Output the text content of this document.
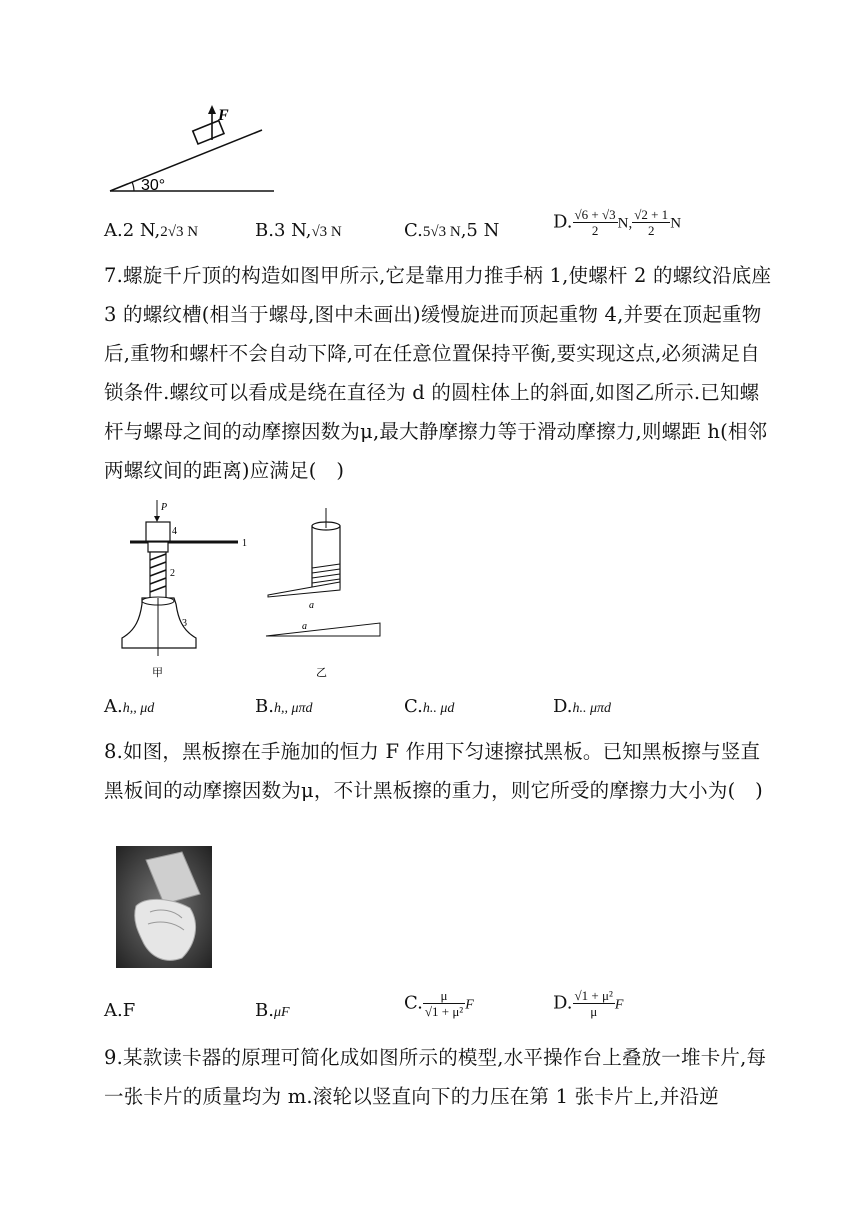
F
30°
A.2 N,2√3 N	B.3 N,√3 N	C.5√3 N,5 N	D. $\frac{√6 + √3}{2} N$, $\frac{√2 + 1}{2}$ N
7.螺旋千斤顶的构造如图甲所示,它是靠用力推手柄 1,使螺杆 2 的螺纹沿底座 3 的螺纹槽(相当于螺母,图中未画出)缓慢旋进而顶起重物 4,并要在顶起重物后,重物和螺杆不会自动下降,可在任意位置保持平衡,要实现这点,必须满足自锁条件.螺纹可以看成是绕在直径为 d 的圆柱体上的斜面,如图乙所示.已知螺杆与螺母之间的动摩擦因数为μ,最大静摩擦力等于滑动摩擦力,则螺距 h(相邻两螺纹间的距离)应满足(　)
P
4
1
2
3
a
a
甲	乙
A.h,, μd	B.h,, μπd	C.h.. μd	D.h.. μπd
8.如图，黑板擦在手施加的恒力 F 作用下匀速擦拭黑板。已知黑板擦与竖直黑板间的动摩擦因数为μ，不计黑板擦的重力，则它所受的摩擦力大小为(　)
A.F	B.μF	C. $\frac{\mu}{\text{√1 + μ²}}$ F	D. $\frac{\text{√1 + μ²}}{\mu}$ F
9.某款读卡器的原理可简化成如图所示的模型,水平操作台上叠放一堆卡片,每一张卡片的质量均为 m.滚轮以竖直向下的力压在第 1 张卡片上,并沿逆
